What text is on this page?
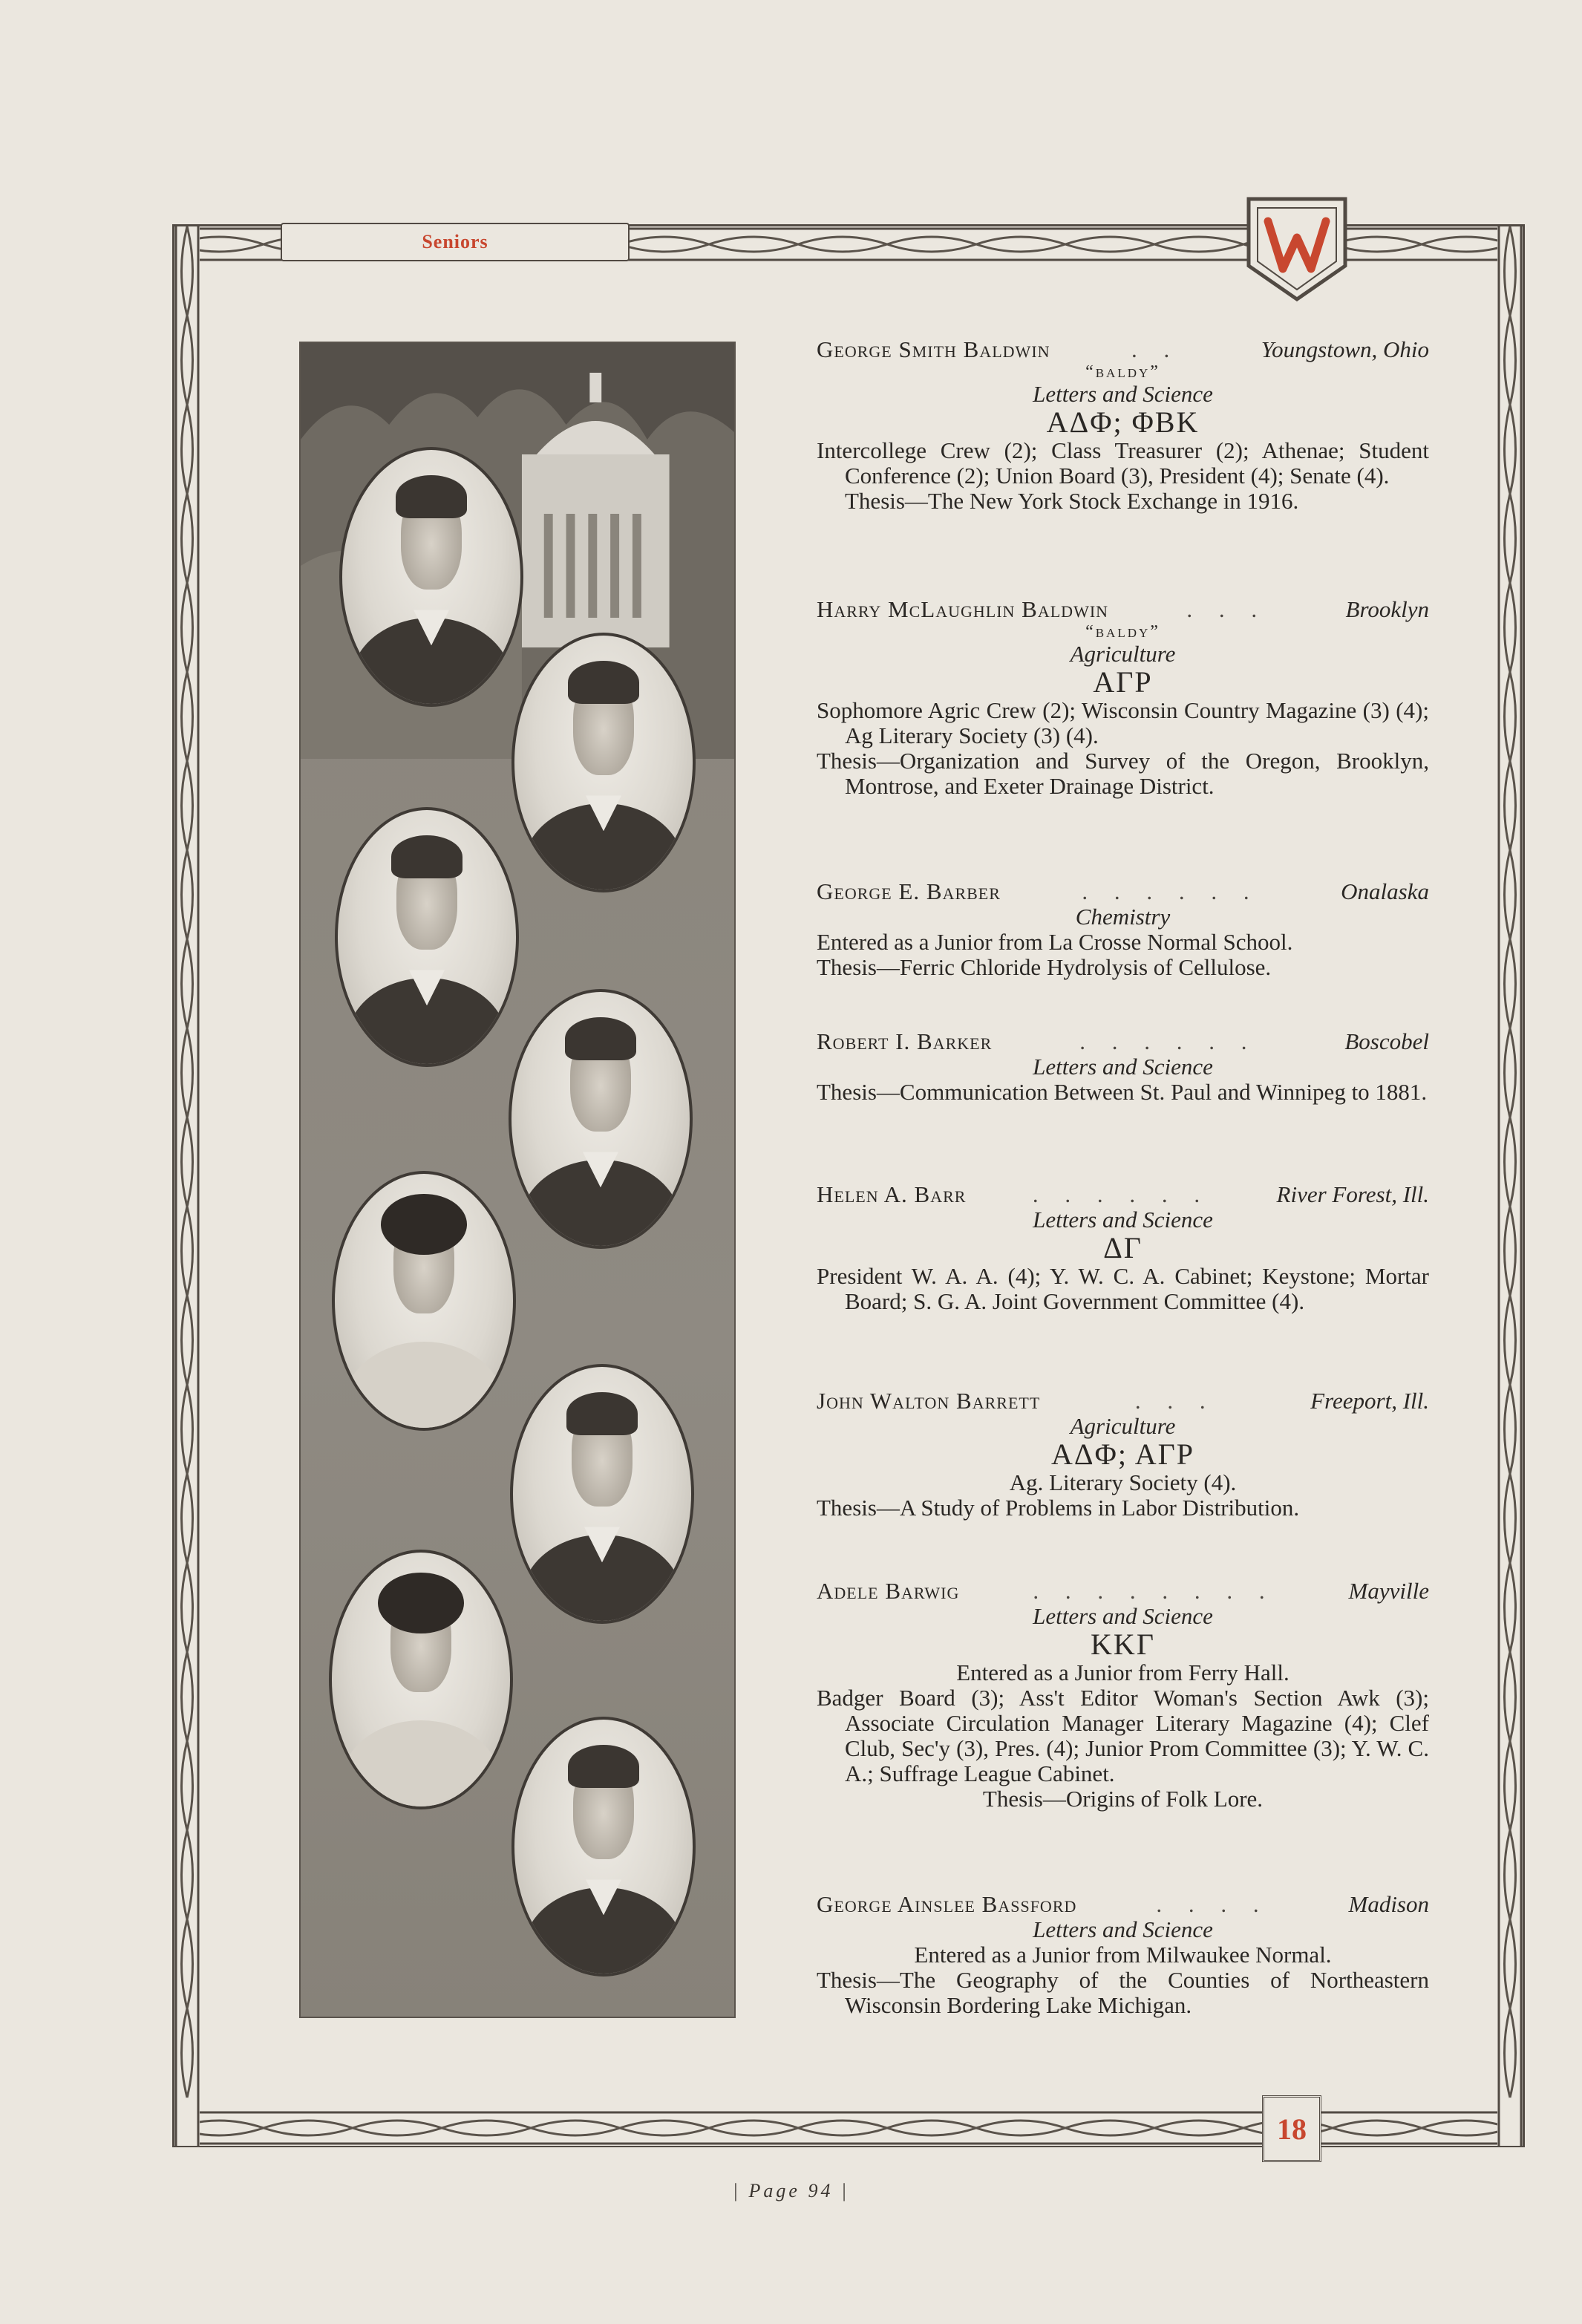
Seniors
George Smith Baldwin	. .	Youngstown, Ohio
“baldy”
Letters and Science
ΑΔΦ; ΦΒΚ
Intercollege Crew (2); Class Treasurer (2); Athenae; Student Conference (2); Union Board (3), President (4); Senate (4).
Thesis—The New York Stock Exchange in 1916.
Harry McLaughlin Baldwin	. . .	Brooklyn
“baldy”
Agriculture
ΑΓΡ
Sophomore Agric Crew (2); Wisconsin Country Magazine (3) (4); Ag Literary Society (3) (4).
Thesis—Organization and Survey of the Oregon, Brooklyn, Montrose, and Exeter Drainage District.
George E. Barber	. . . . . .	Onalaska
Chemistry
Entered as a Junior from La Crosse Normal School.
Thesis—Ferric Chloride Hydrolysis of Cellulose.
Robert I. Barker	. . . . . .	Boscobel
Letters and Science
Thesis—Communication Between St. Paul and Winnipeg to 1881.
Helen A. Barr	. . . . . .	River Forest, Ill.
Letters and Science
ΔΓ
President W. A. A. (4); Y. W. C. A. Cabinet; Keystone; Mortar Board; S. G. A. Joint Government Committee (4).
John Walton Barrett	. . .	Freeport, Ill.
Agriculture
ΑΔΦ; ΑΓΡ
Ag. Literary Society (4).
Thesis—A Study of Problems in Labor Distribution.
Adele Barwig	. . . . . . . .	Mayville
Letters and Science
ΚΚΓ
Entered as a Junior from Ferry Hall.
Badger Board (3); Ass't Editor Woman's Section Awk (3); Associate Circulation Manager Literary Magazine (4); Clef Club, Sec'y (3), Pres. (4); Junior Prom Committee (3); Y. W. C. A.; Suffrage League Cabinet.
Thesis—Origins of Folk Lore.
George Ainslee Bassford	. . . .	Madison
Letters and Science
Entered as a Junior from Milwaukee Normal.
Thesis—The Geography of the Counties of Northeastern Wisconsin Bordering Lake Michigan.
18
| Page 94 |
